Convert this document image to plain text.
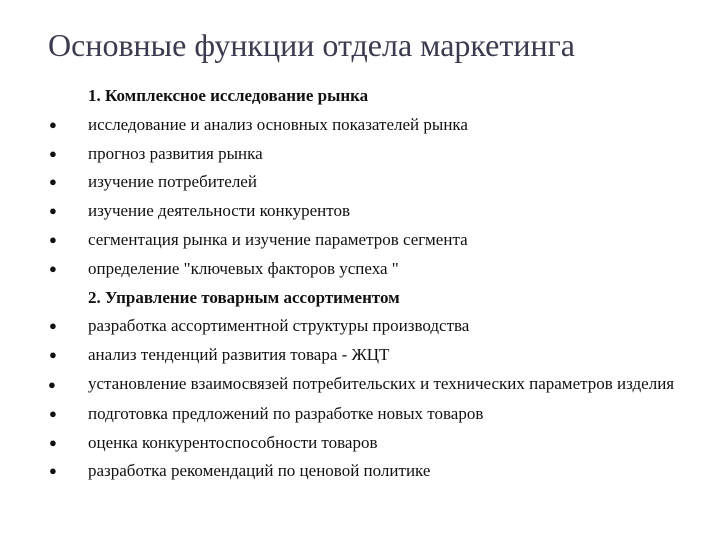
Основные функции отдела маркетинга
1. Комплексное исследование рынка
● исследование и анализ основных показателей рынка
● прогноз развития рынка
● изучение потребителей
● изучение деятельности конкурентов
● сегментация рынка и изучение параметров сегмента
● определение "ключевых факторов успеха "
2. Управление товарным ассортиментом
● разработка ассортиментной структуры производства
● анализ тенденций развития товара - ЖЦТ
● установление взаимосвязей потребительских и технических параметров изделия
● подготовка предложений по разработке новых товаров
● оценка конкурентоспособности товаров
● разработка рекомендаций по ценовой политике
